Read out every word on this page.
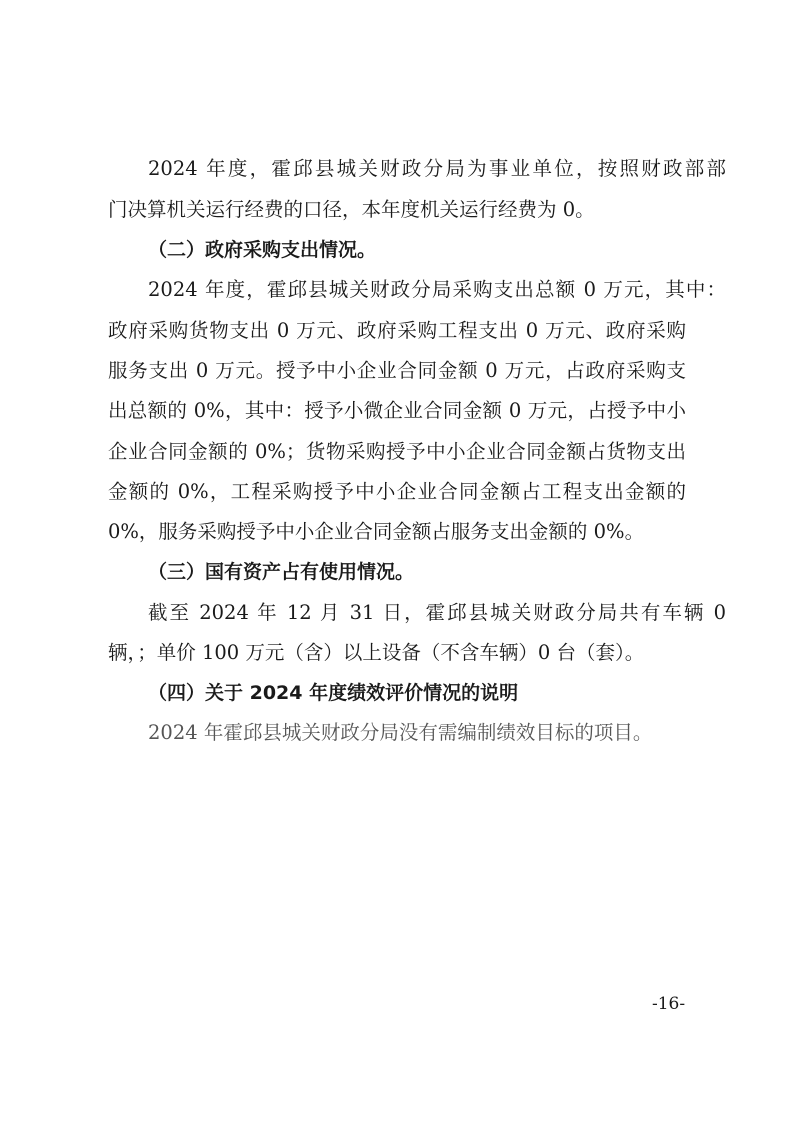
2024 年度，霍邱县城关财政分局为事业单位，按照财政部部
门决算机关运行经费的口径，本年度机关运行经费为 0。
（二）政府采购支出情况。
2024 年度，霍邱县城关财政分局采购支出总额 0 万元，其中：
政府采购货物支出 0 万元、政府采购工程支出 0 万元、政府采购
服务支出 0 万元。授予中小企业合同金额 0 万元，占政府采购支
出总额的 0%，其中：授予小微企业合同金额 0 万元，占授予中小
企业合同金额的 0%；货物采购授予中小企业合同金额占货物支出
金额的 0%，工程采购授予中小企业合同金额占工程支出金额的
0%，服务采购授予中小企业合同金额占服务支出金额的 0%。
（三）国有资产占有使用情况。
截至 2024 年 12 月 31 日，霍邱县城关财政分局共有车辆 0
辆，；单价 100 万元（含）以上设备（不含车辆）0 台（套）。
（四）关于 2024 年度绩效评价情况的说明
2024 年霍邱县城关财政分局没有需编制绩效目标的项目。
-16-
